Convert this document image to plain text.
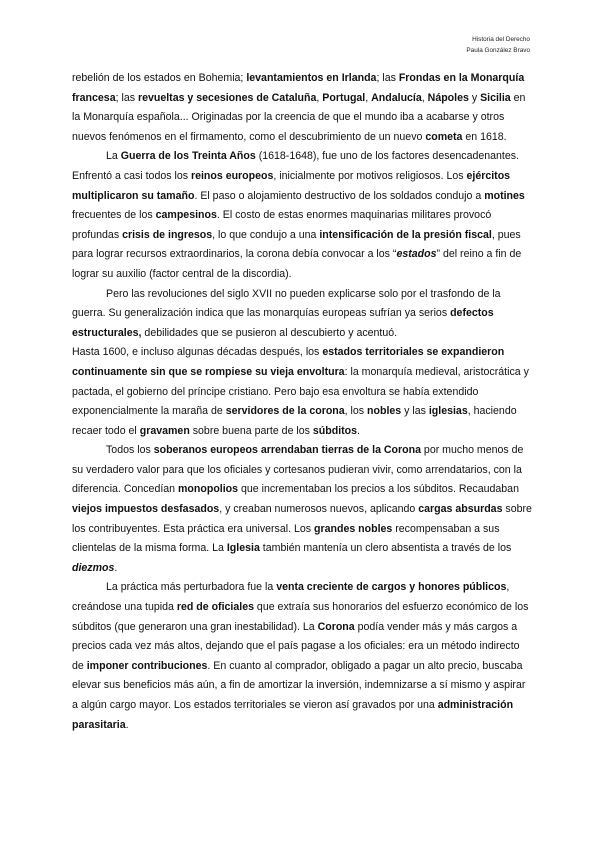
Historia del Derecho
Paula González Bravo

rebelión de los estados en Bohemia; levantamientos en Irlanda; las Frondas en la Monarquía francesa; las revueltas y secesiones de Cataluña, Portugal, Andalucía, Nápoles y Sicilia en la Monarquía española... Originadas por la creencia de que el mundo iba a acabarse y otros nuevos fenómenos en el firmamento, como el descubrimiento de un nuevo cometa en 1618.

La Guerra de los Treinta Años (1618-1648), fue uno de los factores desencadenantes. Enfrentó a casi todos los reinos europeos, inicialmente por motivos religiosos. Los ejércitos multiplicaron su tamaño. El paso o alojamiento destructivo de los soldados condujo a motines frecuentes de los campesinos. El costo de estas enormes maquinarias militares provocó profundas crisis de ingresos, lo que condujo a una intensificación de la presión fiscal, pues para lograr recursos extraordinarios, la corona debía convocar a los “estados” del reino a fin de lograr su auxilio (factor central de la discordia).

Pero las revoluciones del siglo XVII no pueden explicarse solo por el trasfondo de la guerra. Su generalización indica que las monarquías europeas sufrían ya serios defectos estructurales, debilidades que se pusieron al descubierto y acentuó.

Hasta 1600, e incluso algunas décadas después, los estados territoriales se expandieron continuamente sin que se rompiese su vieja envoltura: la monarquía medieval, aristocrática y pactada, el gobierno del príncipe cristiano. Pero bajo esa envoltura se había extendido exponencialmente la maraña de servidores de la corona, los nobles y las iglesias, haciendo recaer todo el gravamen sobre buena parte de los súbditos.

Todos los soberanos europeos arrendaban tierras de la Corona por mucho menos de su verdadero valor para que los oficiales y cortesanos pudieran vivir, como arrendatarios, con la diferencia. Concedían monopolios que incrementaban los precios a los súbditos. Recaudaban viejos impuestos desfasados, y creaban numerosos nuevos, aplicando cargas absurdas sobre los contribuyentes. Esta práctica era universal. Los grandes nobles recompensaban a sus clientelas de la misma forma. La Iglesia también mantenía un clero absentista a través de los diezmos.

La práctica más perturbadora fue la venta creciente de cargos y honores públicos, creándose una tupida red de oficiales que extraía sus honorarios del esfuerzo económico de los súbditos (que generaron una gran inestabilidad). La Corona podía vender más y más cargos a precios cada vez más altos, dejando que el país pagase a los oficiales: era un método indirecto de imponer contribuciones. En cuanto al comprador, obligado a pagar un alto precio, buscaba elevar sus beneficios más aún, a fin de amortizar la inversión, indemnizarse a sí mismo y aspirar a algún cargo mayor. Los estados territoriales se vieron así gravados por una administración parasitaria.
